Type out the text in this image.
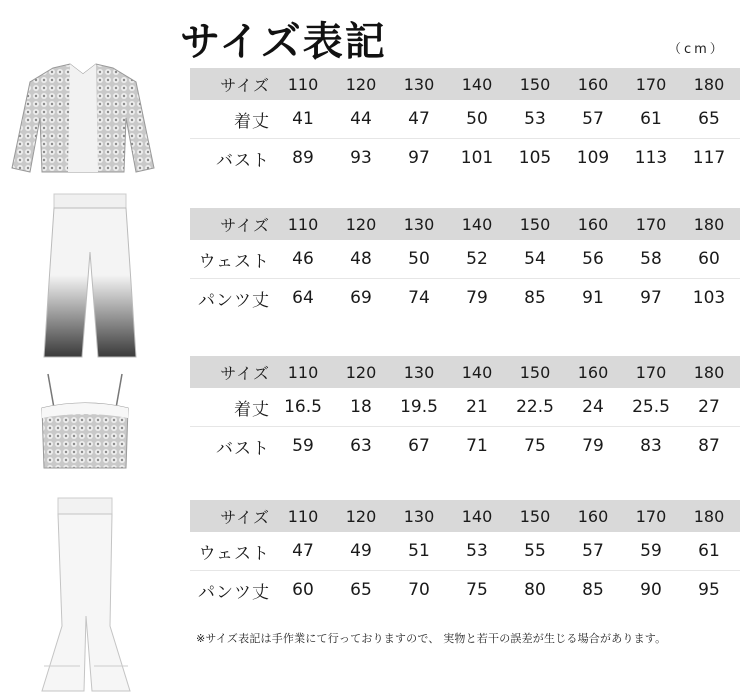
サイズ表記	（cm）
サイズ	110	120	130	140	150	160	170	180
着丈	41	44	47	50	53	57	61	65
バスト	89	93	97	101	105	109	113	117
サイズ	110	120	130	140	150	160	170	180
ウェスト	46	48	50	52	54	56	58	60
パンツ丈	64	69	74	79	85	91	97	103
サイズ	110	120	130	140	150	160	170	180
着丈 16.5	18	19.5	21	22.5	24	25.5	27
バスト	59	63	67	71	75	79	83	87
サイズ	110	120	130	140	150	160	170	180
ウェスト	47	49	51	53	55	57	59	61
パンツ丈	60	65	70	75	80	85	90	95
※サイズ表記は手作業にて行っておりますので、 実物と若干の誤差が生じる場合があります。
